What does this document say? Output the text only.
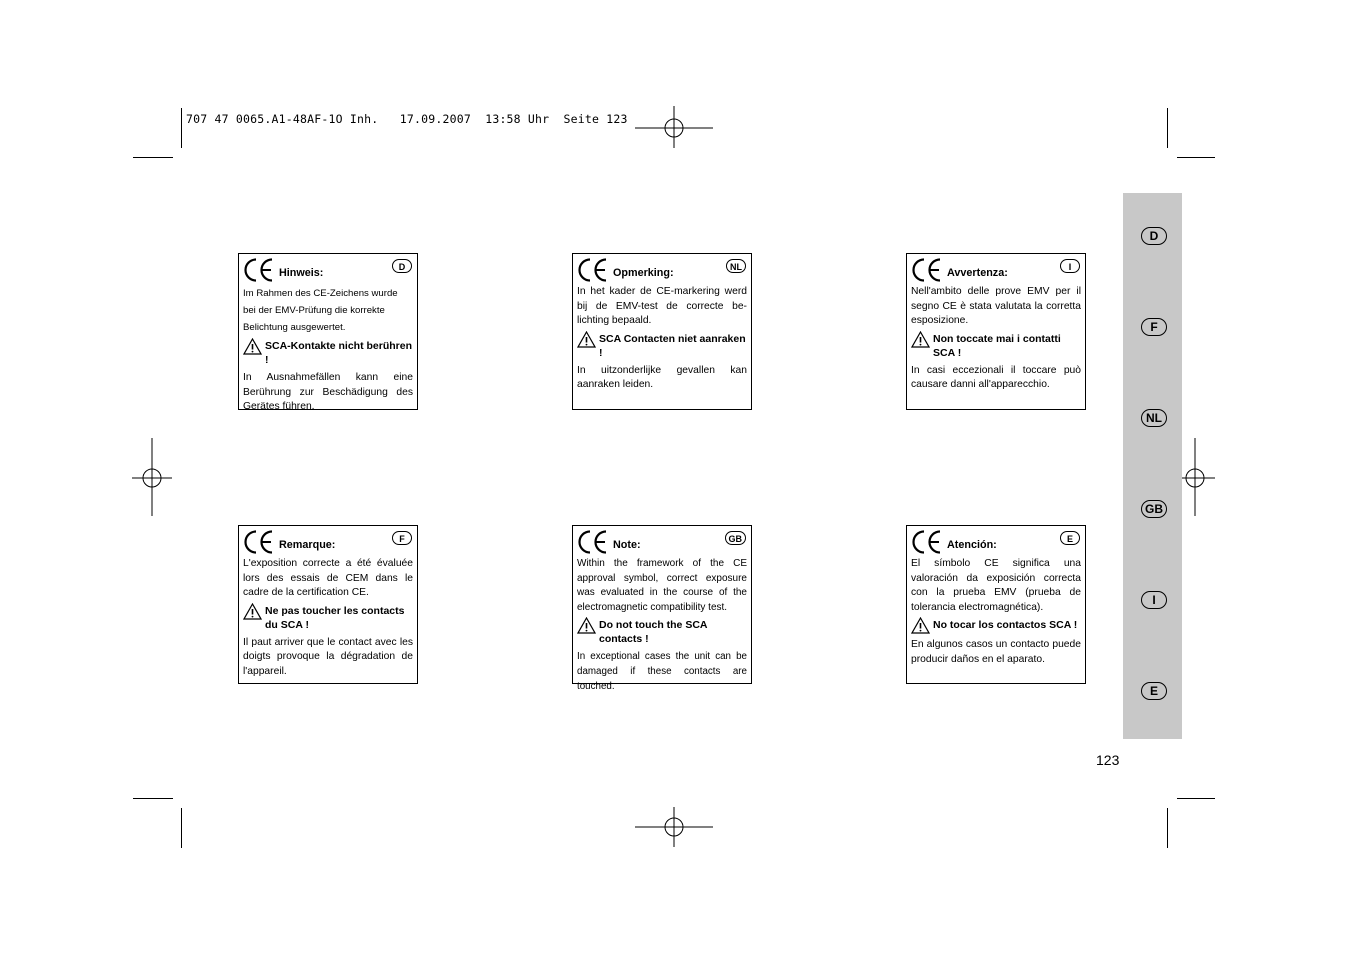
707 47 0065.A1-48AF-1O Inh.   17.09.2007  13:58 Uhr  Seite 123
Hinweis:	D
Im Rahmen des CE-Zeichens wurde bei der EMV-Prüfung die korrekte Belichtung ausgewertet.
SCA-Kontakte nicht berühren !
In Ausnahmefällen kann eine Berührung zur Beschädigung des Gerätes führen.
Opmerking:	NL
In het kader de CE-markering werd bij de EMV-test de correcte be-lichting bepaald.
SCA Contacten niet aanraken !
In uitzonderlijke gevallen kan aanraken leiden.
Avvertenza:	I
Nell'ambito delle prove EMV per il segno CE è stata valutata la corretta esposizione.
Non toccate mai i contatti SCA !
In casi eccezionali il toccare può causare danni all'apparecchio.
Remarque:	F
L'exposition correcte a été évaluée lors des essais de CEM dans le cadre de la certification CE.
Ne pas toucher les contacts du SCA !
Il paut arriver que le contact avec les doigts provoque la dégradation de l'appareil.
Note:	GB
Within the framework of the CE approval symbol, correct exposure was evaluated in the course of the electromagnetic compatibility test.
Do not touch the SCA contacts !
In exceptional cases the unit can be damaged if these contacts are touched.
Atención:	E
El símbolo CE significa una valoración da exposición correcta con la prueba EMV (prueba de tolerancia electromagnética).
No tocar los contactos SCA !
En algunos casos un contacto puede producir daños en el aparato.
D
F
NL
GB
I
E
123
